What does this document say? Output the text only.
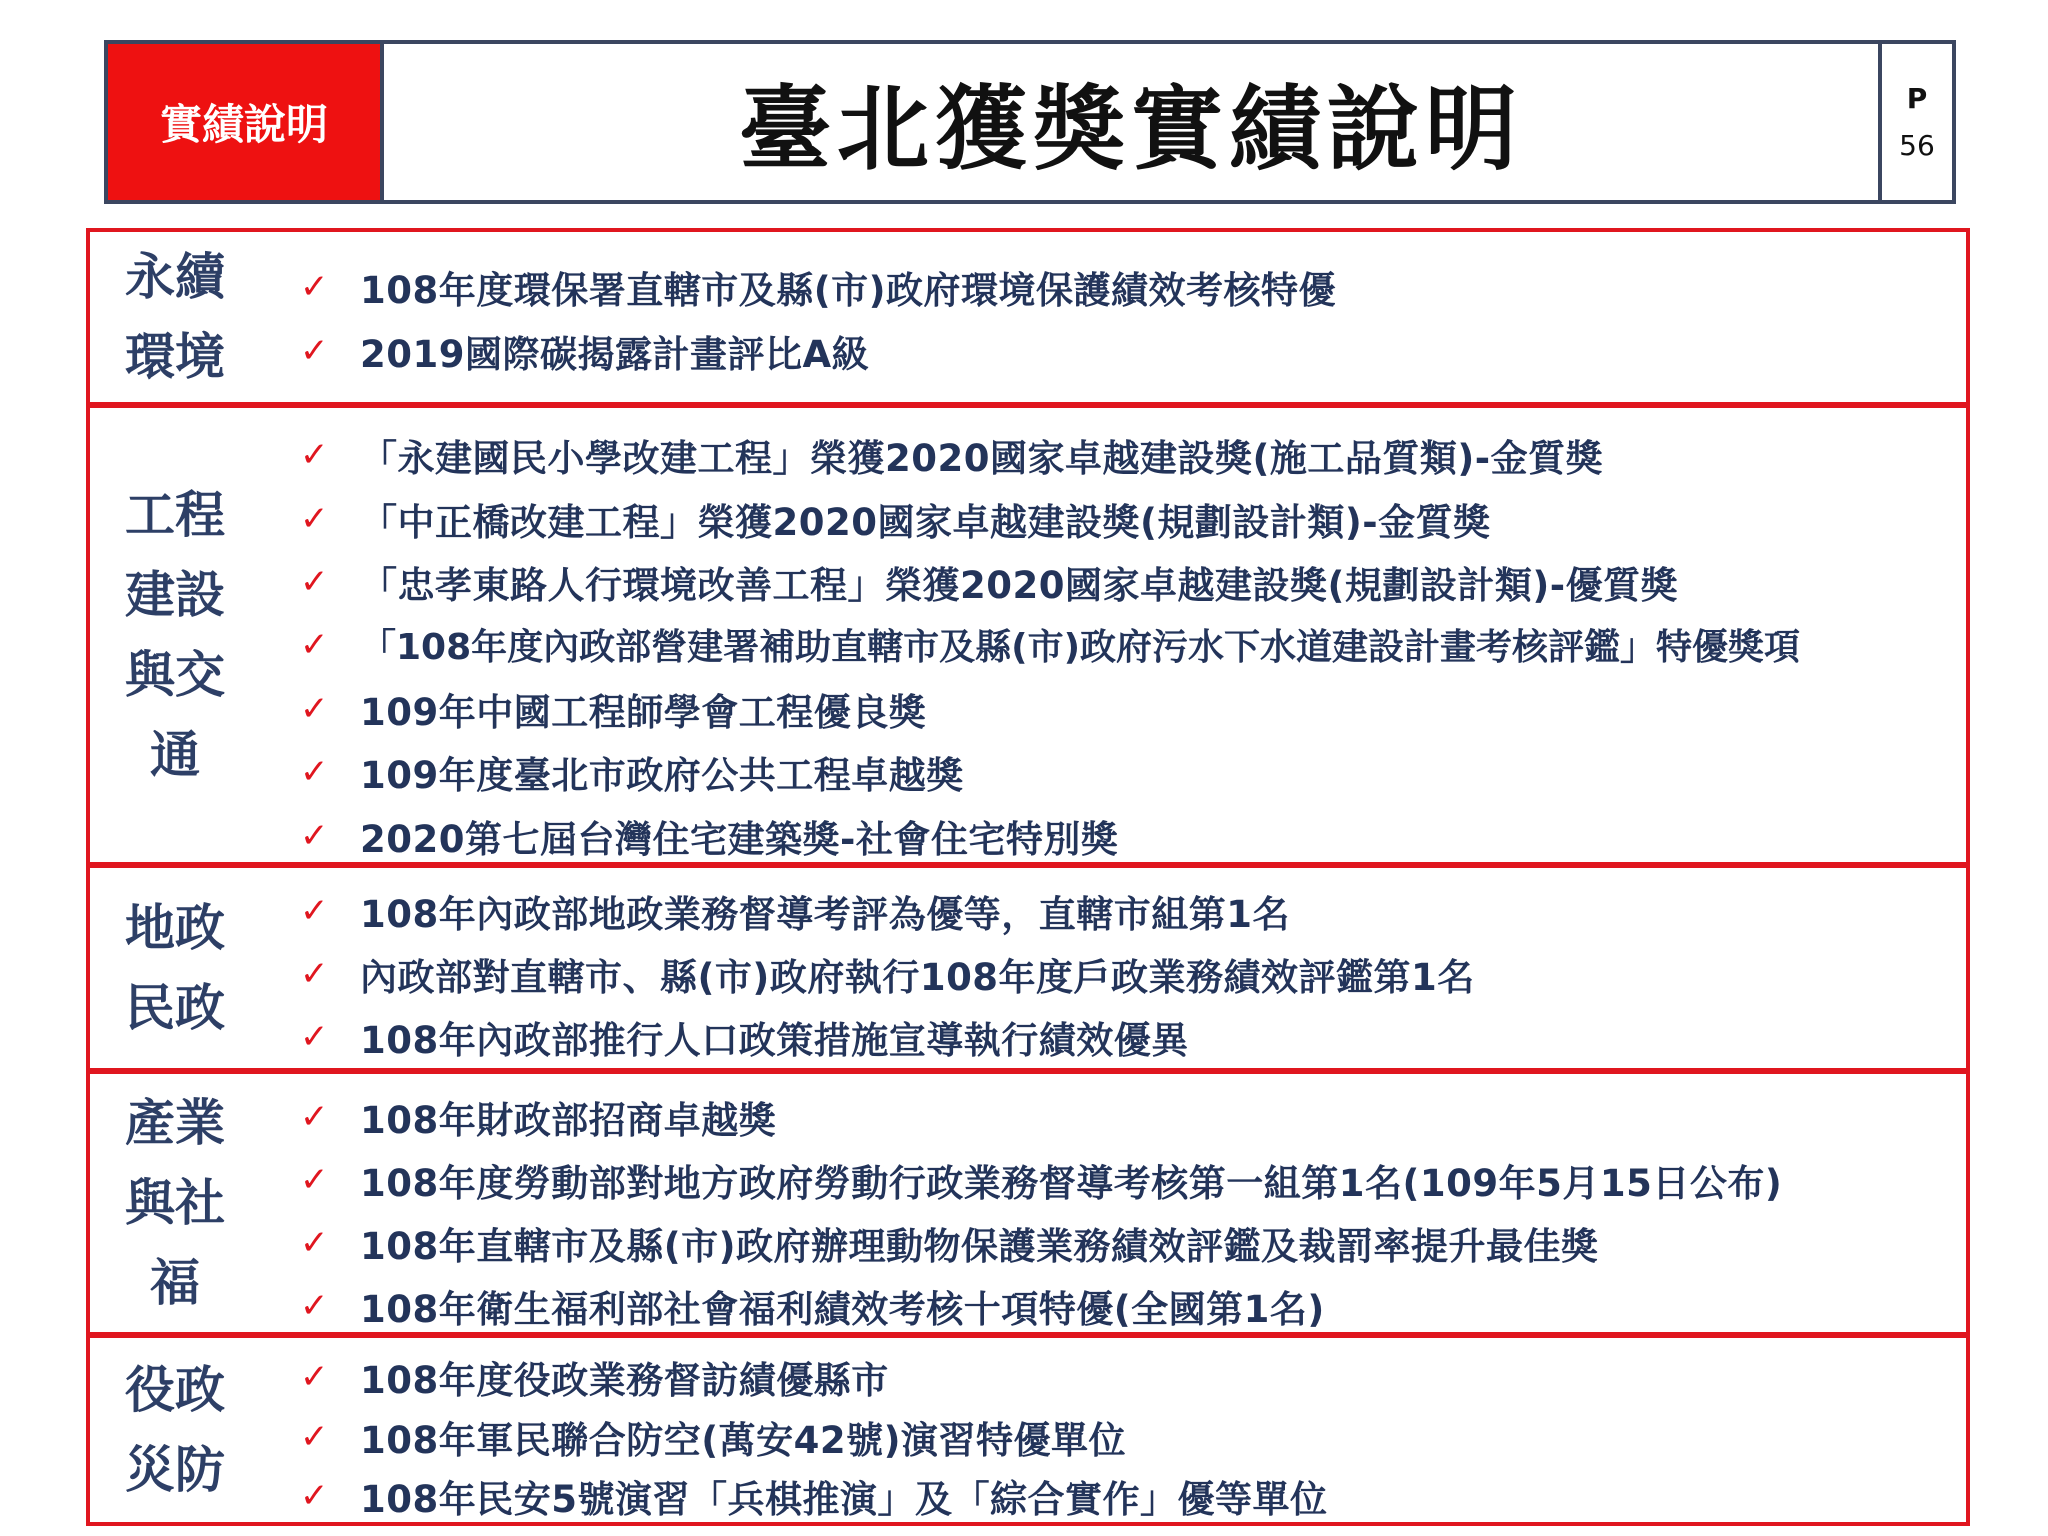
實績說明	臺北獲獎實績說明	P
56
永續
環境
✓ 108年度環保署直轄市及縣(市)政府環境保護績效考核特優
✓ 2019國際碳揭露計畫評比A級
工程
建設
與交
通
✓ 「永建國民小學改建工程」榮獲2020國家卓越建設獎(施工品質類)-金質獎
✓ 「中正橋改建工程」榮獲2020國家卓越建設獎(規劃設計類)-金質獎
✓ 「忠孝東路人行環境改善工程」榮獲2020國家卓越建設獎(規劃設計類)-優質獎
✓ 「108年度內政部營建署補助直轄市及縣(市)政府污水下水道建設計畫考核評鑑」特優獎項
✓ 109年中國工程師學會工程優良獎
✓ 109年度臺北市政府公共工程卓越獎
✓ 2020第七屆台灣住宅建築獎-社會住宅特別獎
地政
民政
✓ 108年內政部地政業務督導考評為優等，直轄市組第1名
✓ 內政部對直轄市、縣(市)政府執行108年度戶政業務績效評鑑第1名
✓ 108年內政部推行人口政策措施宣導執行績效優異
產業
與社
福
✓ 108年財政部招商卓越獎
✓ 108年度勞動部對地方政府勞動行政業務督導考核第一組第1名(109年5月15日公布)
✓ 108年直轄市及縣(市)政府辦理動物保護業務績效評鑑及裁罰率提升最佳獎
✓ 108年衛生福利部社會福利績效考核十項特優(全國第1名)
役政
災防
✓ 108年度役政業務督訪績優縣市
✓ 108年軍民聯合防空(萬安42號)演習特優單位
✓ 108年民安5號演習「兵棋推演」及「綜合實作」優等單位
